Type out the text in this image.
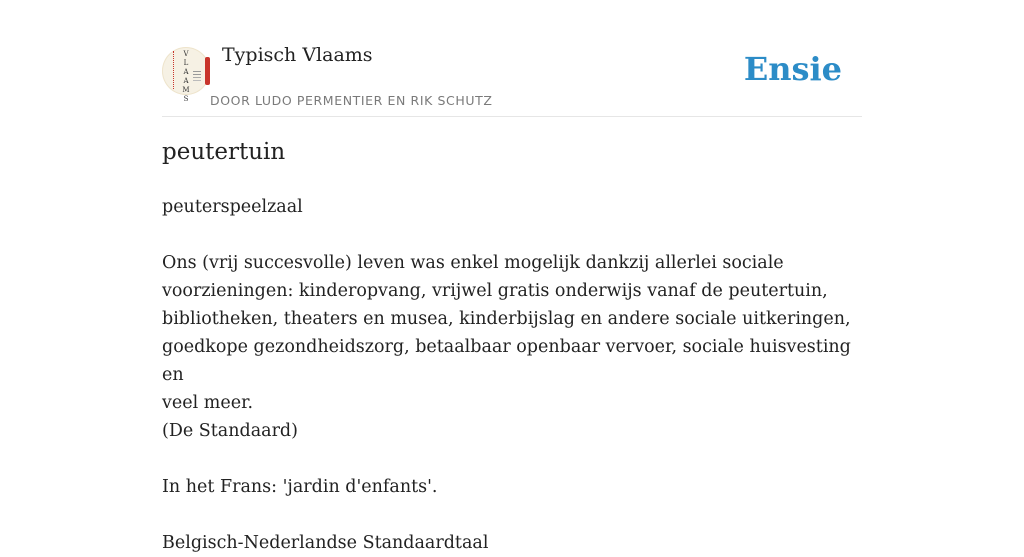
V
L
A
A
M
S
Typisch Vlaams
DOOR LUDO PERMENTIER EN RIK SCHUTZ
Ensie
peutertuin

peuterspeelzaal

Ons (vrij succesvolle) leven was enkel mogelijk dankzij allerlei sociale

voorzieningen: kinderopvang, vrijwel gratis onderwijs vanaf de peutertuin,

bibliotheken, theaters en musea, kinderbijslag en andere sociale uitkeringen,

goedkope gezondheidszorg, betaalbaar openbaar vervoer, sociale huisvesting en

veel meer.

(De Standaard)

In het Frans: 'jardin d'enfants'.

Belgisch-Nederlandse Standaardtaal
